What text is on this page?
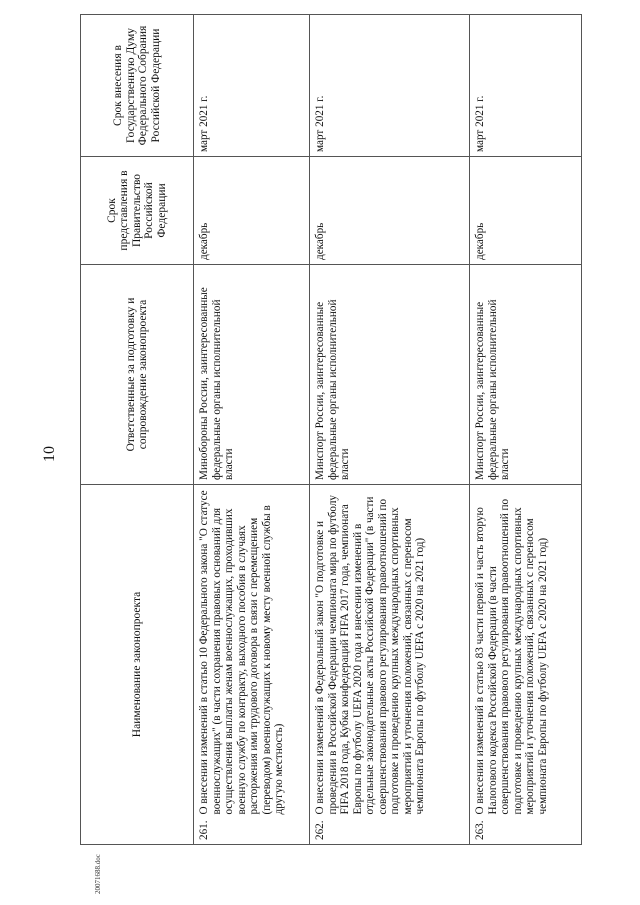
10
20071688.doc
Наименование законопроекта		Ответственные за подготовку и сопровождение законопроекта	Срок представления в Правительство Российской Федерации	Срок внесения в Государственную Думу Федерального Собрания Российской Федерации
261.	О внесении изменений в статью 10 Федерального закона "О статусе военнослужащих" (в части сохранения правовых оснований для осуществления выплаты женам военнослужащих, проходивших военную службу по контракту, выходного пособия в случаях расторжения ими трудового договора в связи с перемещением (переводом) военнослужащих к новому месту военной службы в другую местность)	Минобороны России, заинтересованные федеральные органы исполнительной власти	декабрь	март 2021 г.
262.	О внесении изменений в Федеральный закон "О подготовке и проведении в Российской Федерации чемпионата мира по футболу FIFA 2018 года, Кубка конфедераций FIFA 2017 года, чемпионата Европы по футболу UEFA 2020 года и внесении изменений в отдельные законодательные акты Российской Федерации" (в части совершенствования правового регулирования правоотношений по подготовке и проведению крупных международных спортивных мероприятий и уточнения положений, связанных с переносом чемпионата Европы по футболу UEFA с 2020 на 2021 год)	Минспорт России, заинтересованные федеральные органы исполнительной власти	декабрь	март 2021 г.
263.	О внесении изменений в статью 83 части первой и часть вторую Налогового кодекса Российской Федерации (в части совершенствования правового регулирования правоотношений по подготовке и проведению крупных международных спортивных мероприятий и уточнения положений, связанных с переносом чемпионата Европы по футболу UEFA с 2020 на 2021 год)	Минспорт России, заинтересованные федеральные органы исполнительной власти	декабрь	март 2021 г.
